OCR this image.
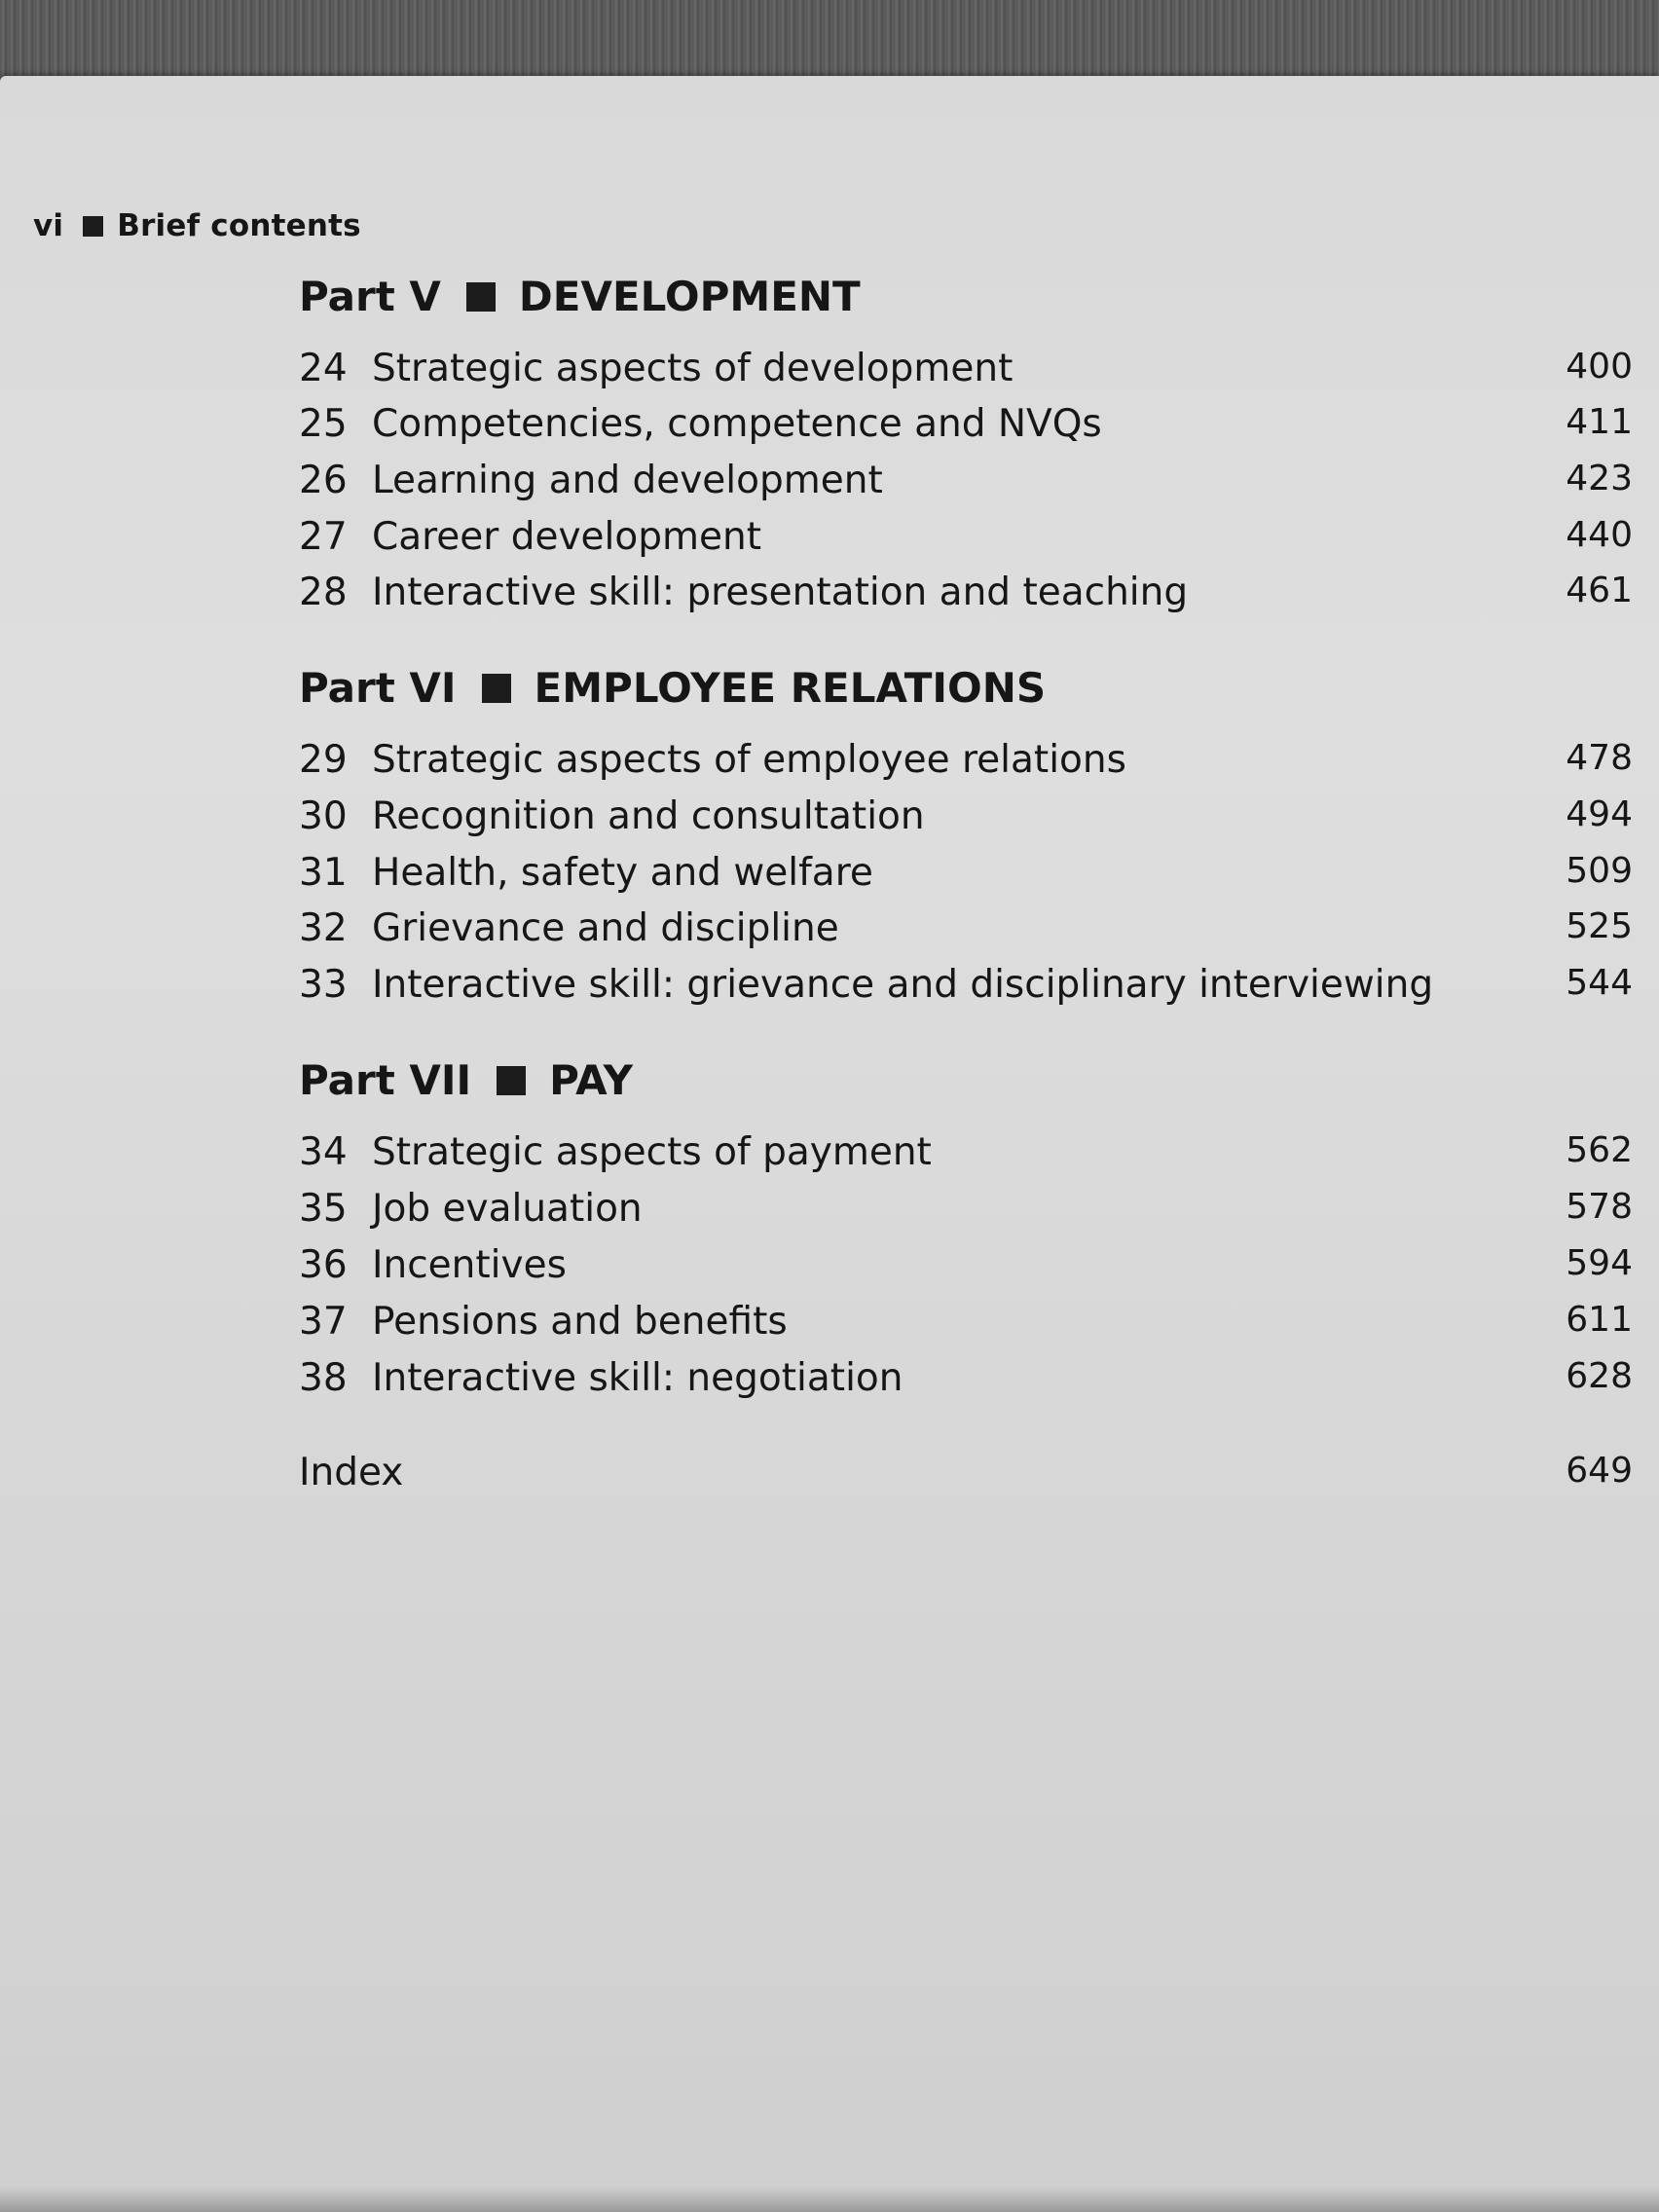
vi Brief contents
Part V DEVELOPMENT
24 Strategic aspects of development	400
25 Competencies, competence and NVQs	411
26 Learning and development	423
27 Career development	440
28 Interactive skill: presentation and teaching	461
Part VI EMPLOYEE RELATIONS
29 Strategic aspects of employee relations	478
30 Recognition and consultation	494
31 Health, safety and welfare	509
32 Grievance and discipline	525
33 Interactive skill: grievance and disciplinary interviewing	544
Part VII PAY
34 Strategic aspects of payment	562
35 Job evaluation	578
36 Incentives	594
37 Pensions and benefits	611
38 Interactive skill: negotiation	628
Index	649
